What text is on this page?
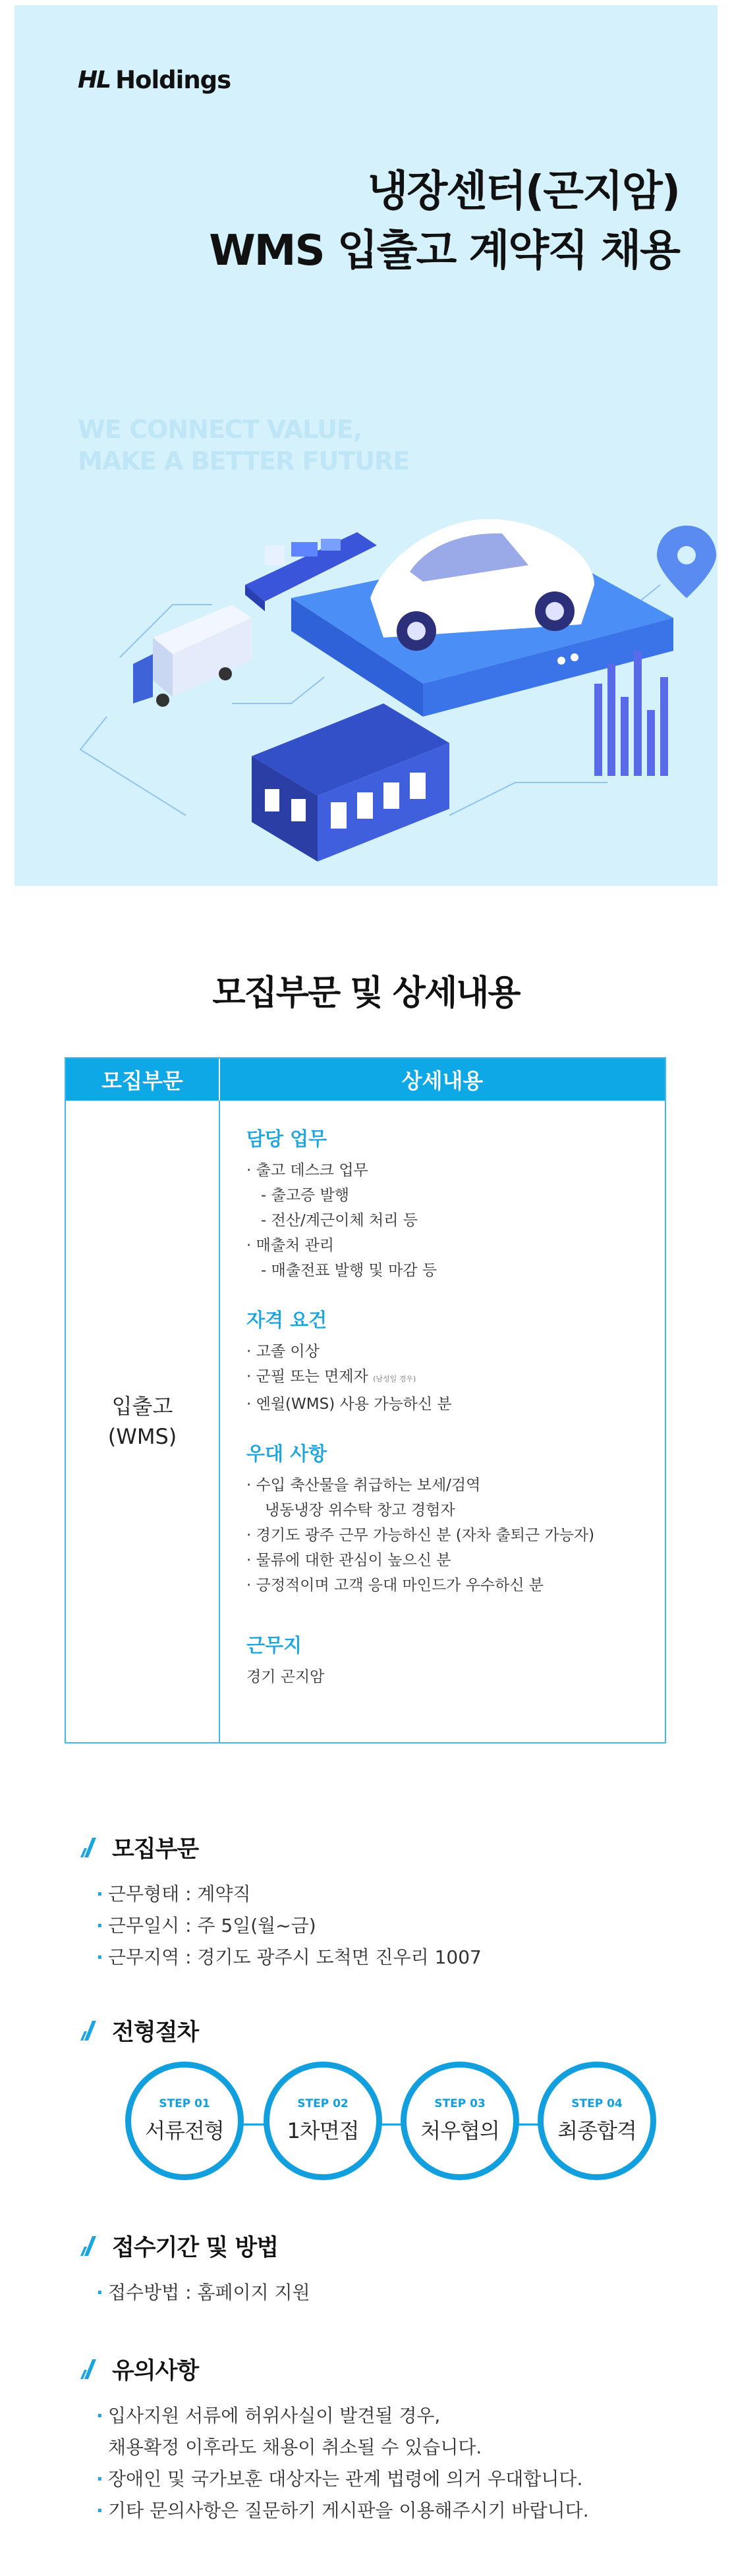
HL Holdings
냉장센터(곤지암)
WMS 입출고 계약직 채용
WE CONNECT VALUE,
MAKE A BETTER FUTURE
모집부문 및 상세내용
모집부문	상세내용
입출고
(WMS)
담당 업무
· 출고 데스크 업무
- 출고증 발행
- 전산/계근이체 처리 등
· 매출처 관리
- 매출전표 발행 및 마감 등
자격 요건
· 고졸 이상
· 군필 또는 면제자 (남성일 경우)
· 엔윌(WMS) 사용 가능하신 분
우대 사항
· 수입 축산물을 취급하는 보세/검역
냉동냉장 위수탁 창고 경험자
· 경기도 광주 근무 가능하신 분 (자차 출퇴근 가능자)
· 물류에 대한 관심이 높으신 분
· 긍정적이며 고객 응대 마인드가 우수하신 분
근무지
경기 곤지암
모집부문
· 근무형태 : 계약직
· 근무일시 : 주 5일(월~금)
· 근무지역 : 경기도 광주시 도척면 진우리 1007
전형절차
STEP 01
서류전형
STEP 02
1차면접
STEP 03
처우협의
STEP 04
최종합격
접수기간 및 방법
· 접수방법 : 홈페이지 지원
유의사항
· 입사지원 서류에 허위사실이 발견될 경우,
채용확정 이후라도 채용이 취소될 수 있습니다.
· 장애인 및 국가보훈 대상자는 관계 법령에 의거 우대합니다.
· 기타 문의사항은 질문하기 게시판을 이용해주시기 바랍니다.
